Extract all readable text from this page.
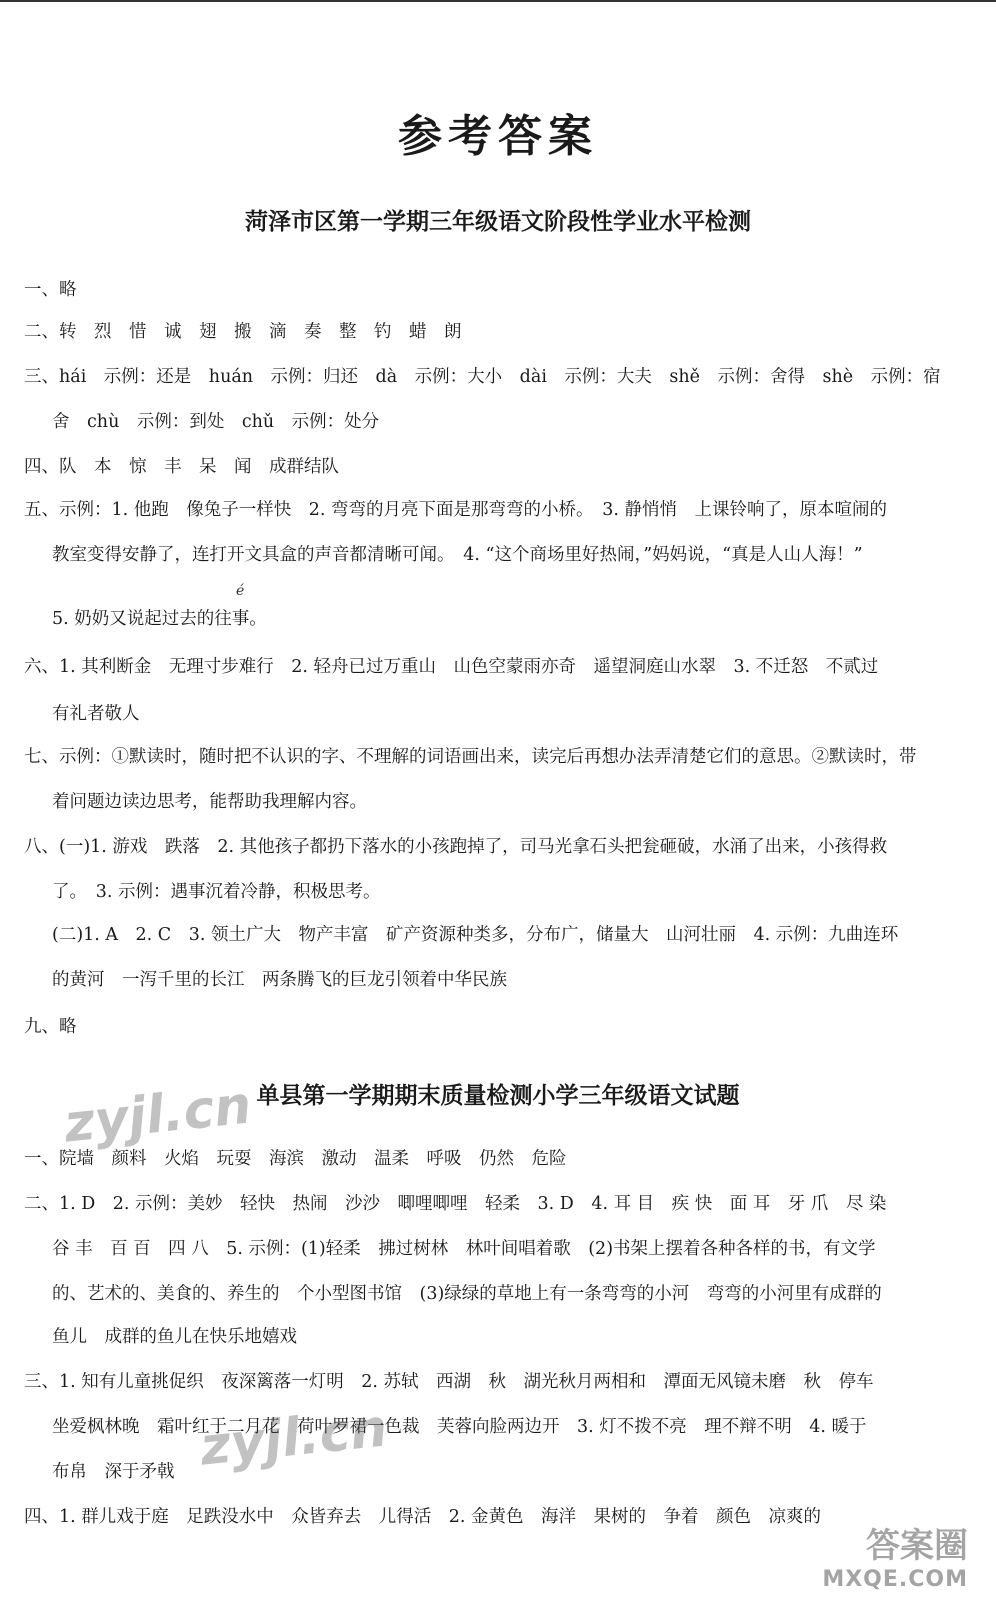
参考答案
菏泽市区第一学期三年级语文阶段性学业水平检测
一、略
二、转　烈　惜　诚　翅　搬　滴　奏　整　钓　蜡　朗
三、hái　示例：还是　huán　示例：归还　dà　示例：大小　dài　示例：大夫　shě　示例：舍得　shè　示例：宿
舍　chù　示例：到处　chǔ　示例：处分
四、队　本　惊　丰　呆　闻　成群结队
五、示例：1. 他跑　像兔子一样快　2. 弯弯的月亮下面是那弯弯的小桥。　3. 静悄悄　上课铃响了，原本喧闹的
教室变得安静了，连打开文具盒的声音都清晰可闻。　4. “这个商场里好热闹，”妈妈说，“真是人山人海！”
é
5. 奶奶又说起过去的往事。
六、1. 其利断金　无理寸步难行　2. 轻舟已过万重山　山色空蒙雨亦奇　遥望洞庭山水翠　3. 不迁怒　不贰过
有礼者敬人
七、示例：①默读时，随时把不认识的字、不理解的词语画出来，读完后再想办法弄清楚它们的意思。②默读时，带
着问题边读边思考，能帮助我理解内容。
八、(一)1. 游戏　跌落　2. 其他孩子都扔下落水的小孩跑掉了，司马光拿石头把瓮砸破，水涌了出来，小孩得救
了。　3. 示例：遇事沉着冷静，积极思考。
(二)1. A　2. C　3. 领土广大　物产丰富　矿产资源种类多，分布广，储量大　山河壮丽　4. 示例：九曲连环
的黄河　一泻千里的长江　两条腾飞的巨龙引领着中华民族
九、略
单县第一学期期末质量检测小学三年级语文试题
一、院墙　颜料　火焰　玩耍　海滨　激动　温柔　呼吸　仍然　危险
二、1. D　2. 示例：美妙　轻快　热闹　沙沙　唧哩唧哩　轻柔　3. D　4. 耳 目　疾 快　面 耳　牙 爪　尽 染
谷 丰　百 百　四 八　5. 示例：(1)轻柔　拂过树林　林叶间唱着歌　(2)书架上摆着各种各样的书，有文学
的、艺术的、美食的、养生的　个小型图书馆　(3)绿绿的草地上有一条弯弯的小河　弯弯的小河里有成群的
鱼儿　成群的鱼儿在快乐地嬉戏
三、1. 知有儿童挑促织　夜深篱落一灯明　2. 苏轼　西湖　秋　湖光秋月两相和　潭面无风镜未磨　秋　停车
坐爱枫林晚　霜叶红于二月花　荷叶罗裙一色裁　芙蓉向脸两边开　3. 灯不拨不亮　理不辩不明　4. 暖于
布帛　深于矛戟
四、1. 群儿戏于庭　足跌没水中　众皆弃去　儿得活　2. 金黄色　海洋　果树的　争着　颜色　凉爽的
zyjl.cn
zyjl.cn
答案圈
MXQE.COM
